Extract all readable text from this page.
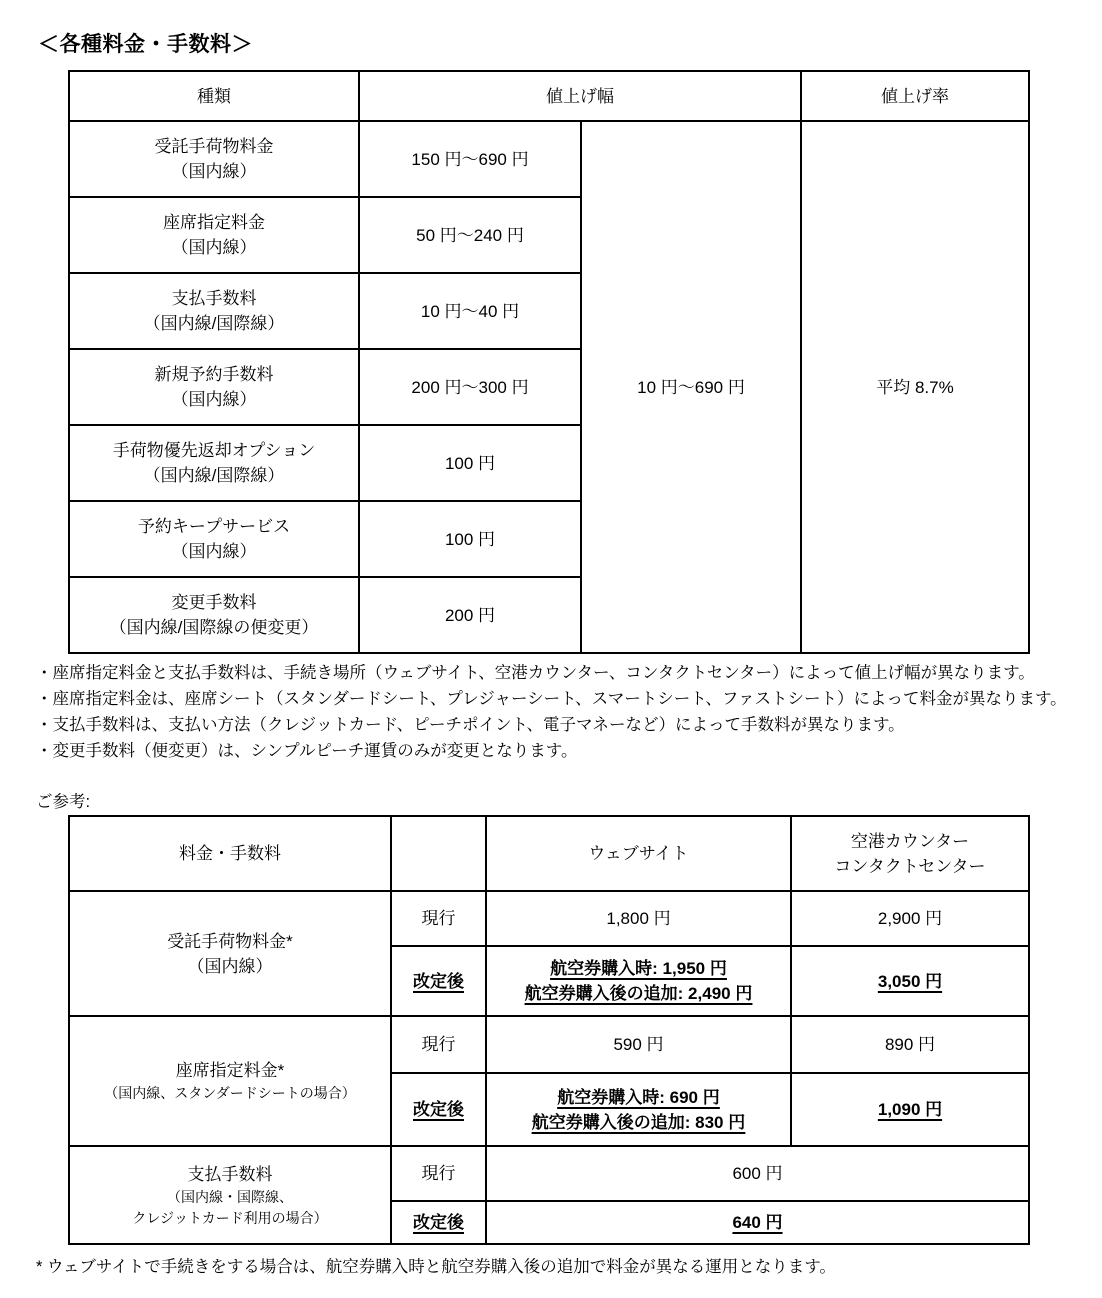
＜各種料金・手数料＞
種類	値上げ幅		値上げ率

受託手荷物料金
（国内線）	150 円～690 円	10 円～690 円	平均 8.7%

座席指定料金
（国内線）	50 円～240 円		

支払手数料
（国内線/国際線）	10 円～40 円		

新規予約手数料
（国内線）	200 円～300 円		

手荷物優先返却オプション
（国内線/国際線）	100 円		

予約キープサービス
（国内線）	100 円		

変更手数料
（国内線/国際線の便変更）	200 円		
・座席指定料金と支払手数料は、手続き場所（ウェブサイト、空港カウンター、コンタクトセンター）によって値上げ幅が異なります。
・座席指定料金は、座席シート（スタンダードシート、プレジャーシート、スマートシート、ファストシート）によって料金が異なります。
・支払手数料は、支払い方法（クレジットカード、ピーチポイント、電子マネーなど）によって手数料が異なります。
・変更手数料（便変更）は、シンプルピーチ運賃のみが変更となります。
ご参考:
料金・手数料		ウェブサイト	空港カウンター
コンタクトセンター

受託手荷物料金*
（国内線）	現行	1,800 円	2,900 円
	改定後	航空券購入時: 1,950 円
航空券購入後の追加: 2,490 円	3,050 円

座席指定料金*
（国内線、スタンダードシートの場合）	現行	590 円	890 円
	改定後	航空券購入時: 690 円
航空券購入後の追加: 830 円	1,090 円

支払手数料
（国内線・国際線、
クレジットカード利用の場合）	現行	600 円	
	改定後	640 円	
* ウェブサイトで手続きをする場合は、航空券購入時と航空券購入後の追加で料金が異なる運用となります。
